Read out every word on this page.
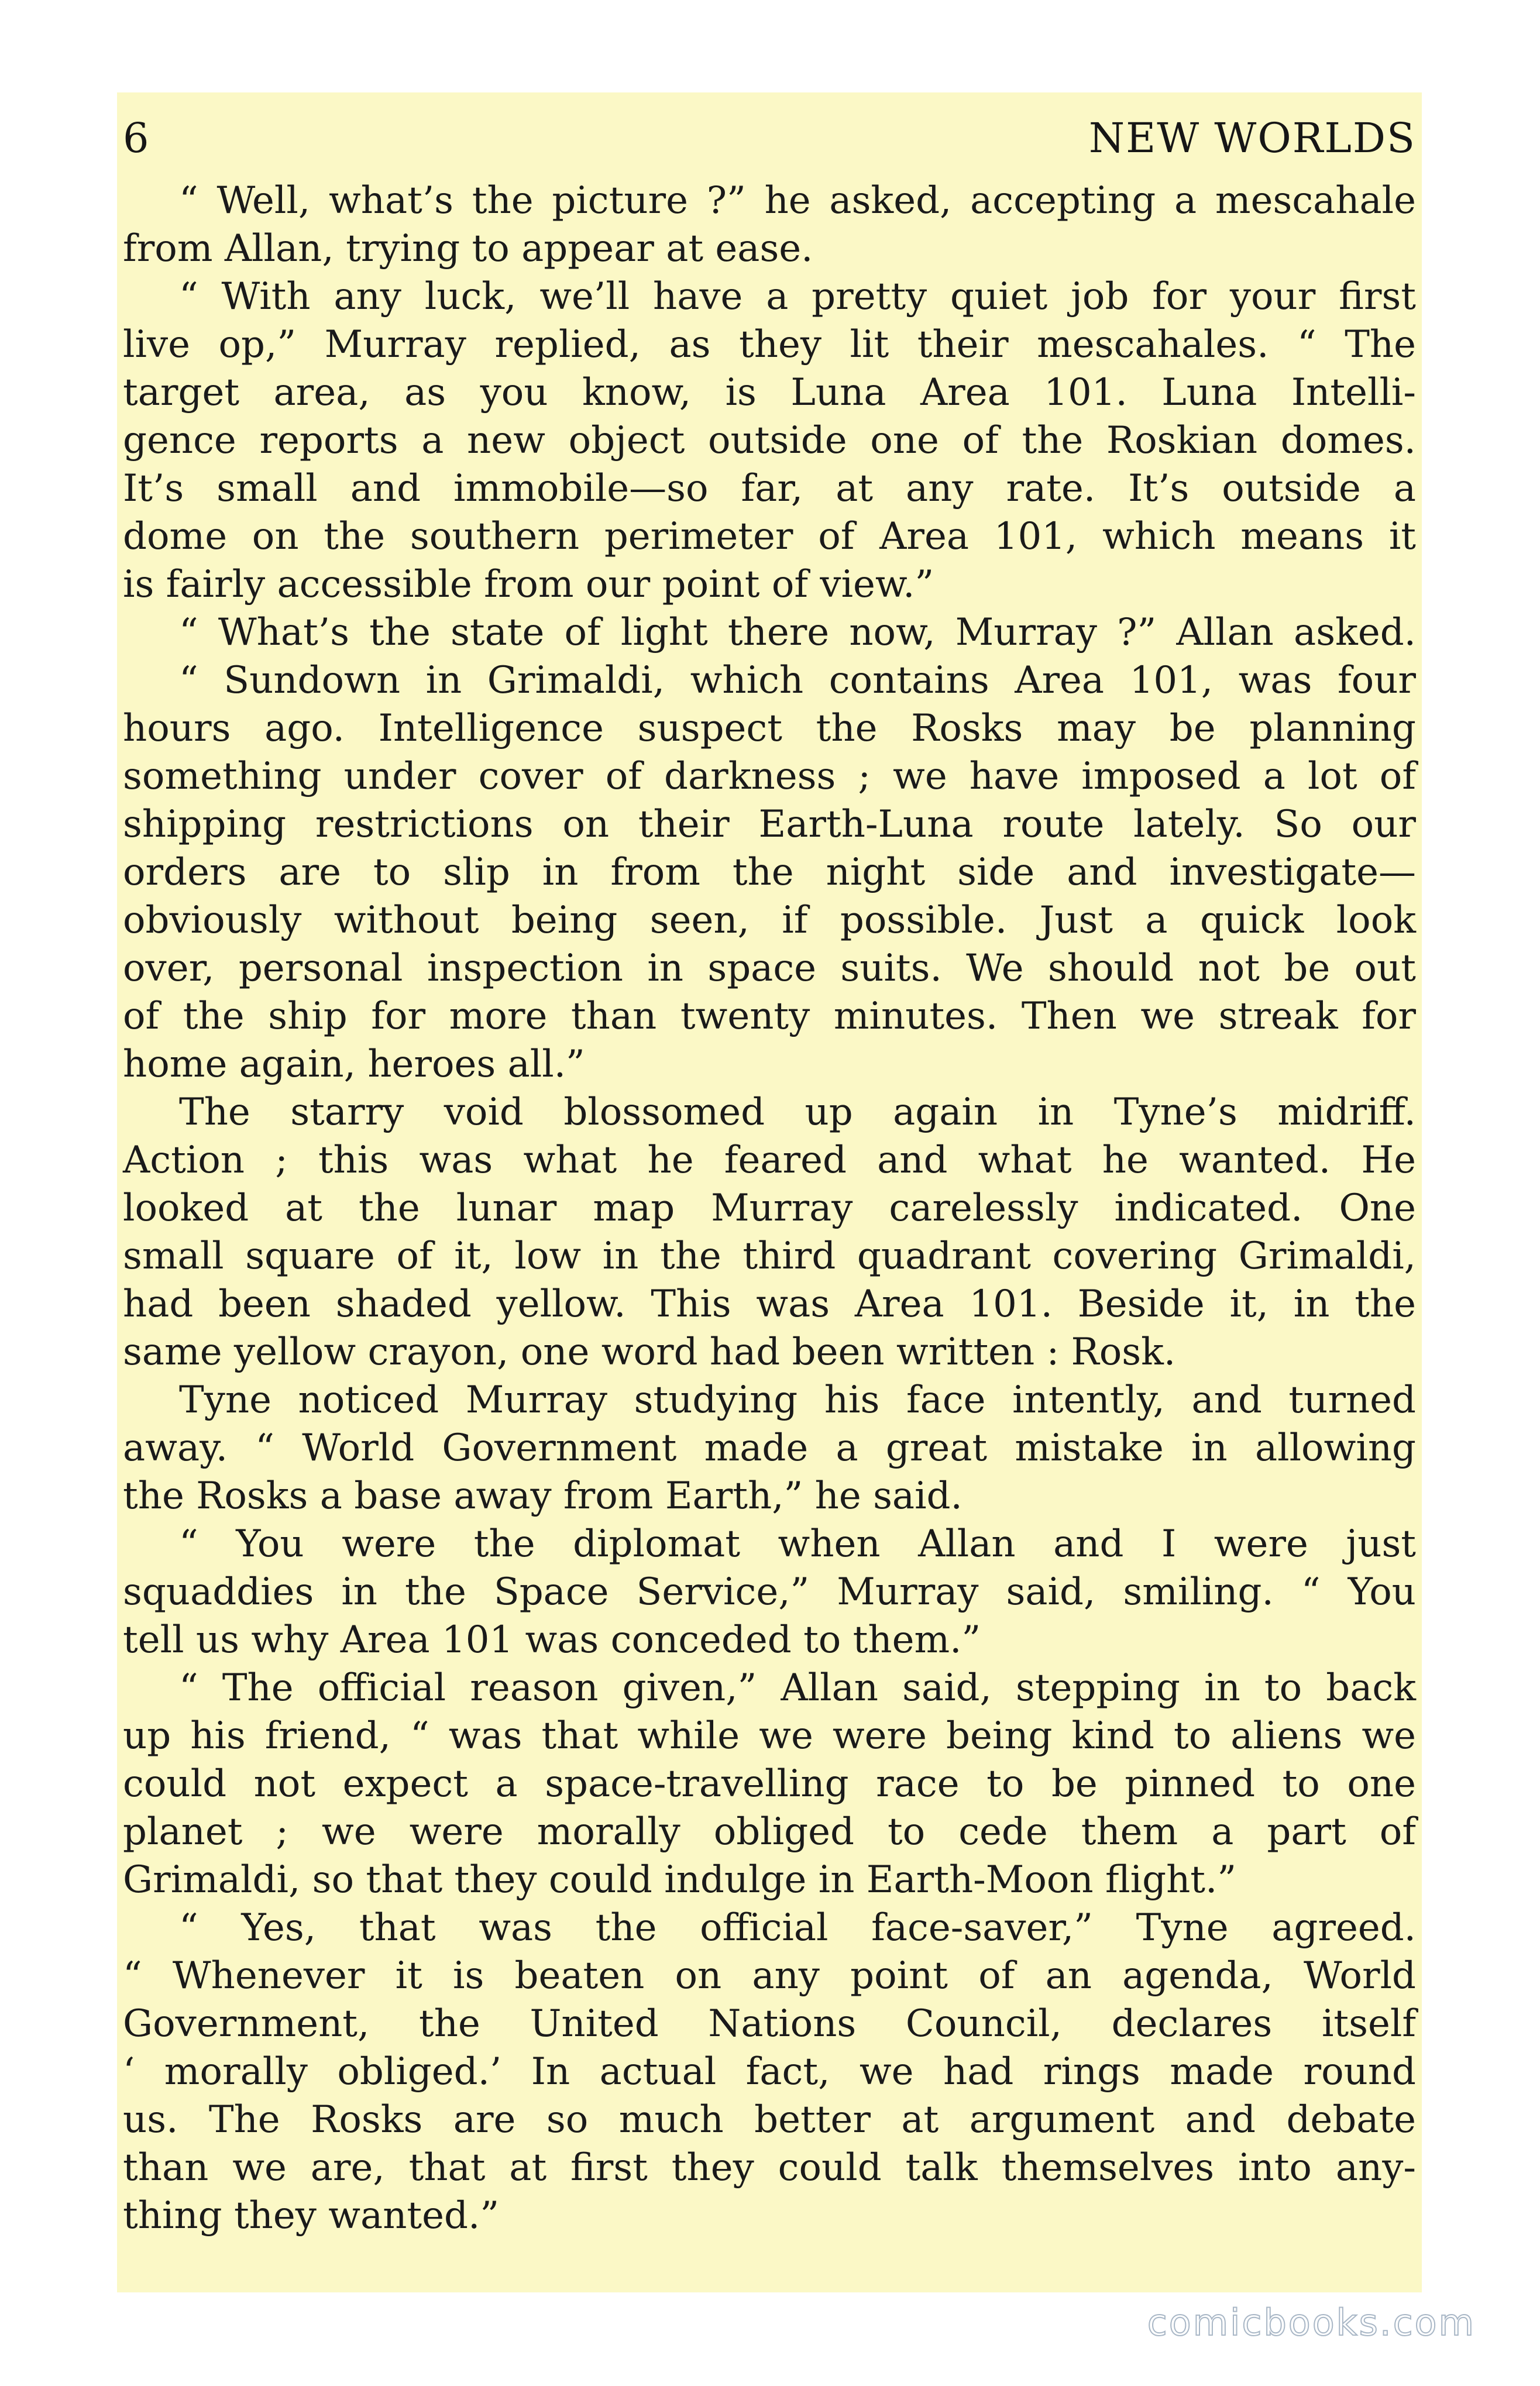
6	NEW WORLDS
“ Well, what’s the picture ?” he asked, accepting a mescahale
from Allan, trying to appear at ease.
“ With any luck, we’ll have a pretty quiet job for your first
live op,” Murray replied, as they lit their mescahales. “ The
target area, as you know, is Luna Area 101. Luna Intelli-
gence reports a new object outside one of the Roskian domes.
It’s small and immobile—so far, at any rate. It’s outside a
dome on the southern perimeter of Area 101, which means it
is fairly accessible from our point of view.”
“ What’s the state of light there now, Murray ?” Allan asked.
“ Sundown in Grimaldi, which contains Area 101, was four
hours ago. Intelligence suspect the Rosks may be planning
something under cover of darkness ; we have imposed a lot of
shipping restrictions on their Earth-Luna route lately. So our
orders are to slip in from the night side and investigate—
obviously without being seen, if possible. Just a quick look
over, personal inspection in space suits. We should not be out
of the ship for more than twenty minutes. Then we streak for
home again, heroes all.”
The starry void blossomed up again in Tyne’s midriff.
Action ; this was what he feared and what he wanted. He
looked at the lunar map Murray carelessly indicated. One
small square of it, low in the third quadrant covering Grimaldi,
had been shaded yellow. This was Area 101. Beside it, in the
same yellow crayon, one word had been written : Rosk.
Tyne noticed Murray studying his face intently, and turned
away. “ World Government made a great mistake in allowing
the Rosks a base away from Earth,” he said.
“ You were the diplomat when Allan and I were just
squaddies in the Space Service,” Murray said, smiling. “ You
tell us why Area 101 was conceded to them.”
“ The official reason given,” Allan said, stepping in to back
up his friend, “ was that while we were being kind to aliens we
could not expect a space-travelling race to be pinned to one
planet ; we were morally obliged to cede them a part of
Grimaldi, so that they could indulge in Earth-Moon flight.”
“ Yes, that was the official face-saver,” Tyne agreed.
“ Whenever it is beaten on any point of an agenda, World
Government, the United Nations Council, declares itself
‘ morally obliged.’ In actual fact, we had rings made round
us. The Rosks are so much better at argument and debate
than we are, that at first they could talk themselves into any-
thing they wanted.”
comicbooks.com
